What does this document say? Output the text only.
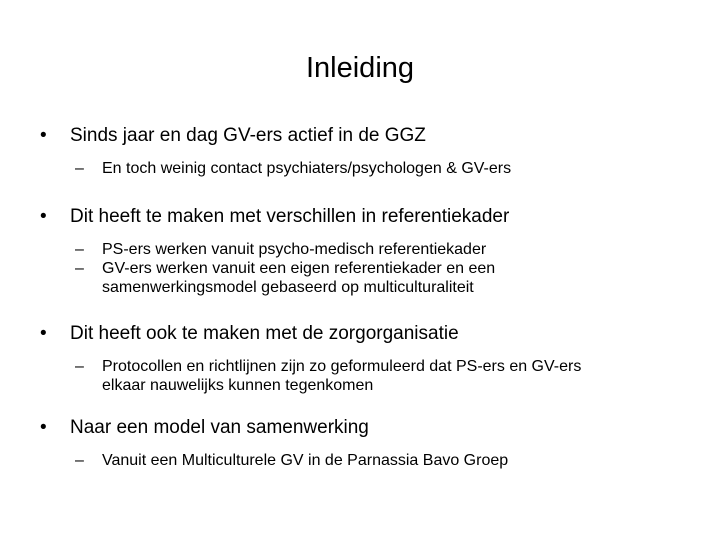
Inleiding
• Sinds jaar en dag GV-ers actief in de GGZ
– En toch weinig contact psychiaters/psychologen & GV-ers
• Dit heeft te maken met verschillen in referentiekader
– PS-ers werken vanuit psycho-medisch referentiekader
– GV-ers werken vanuit een eigen referentiekader en een
samenwerkingsmodel gebaseerd op multiculturaliteit
• Dit heeft ook te maken met de zorgorganisatie
– Protocollen en richtlijnen zijn zo geformuleerd dat PS-ers en GV-ers
elkaar nauwelijks kunnen tegenkomen
• Naar een model van samenwerking
– Vanuit een Multiculturele GV in de Parnassia Bavo Groep
